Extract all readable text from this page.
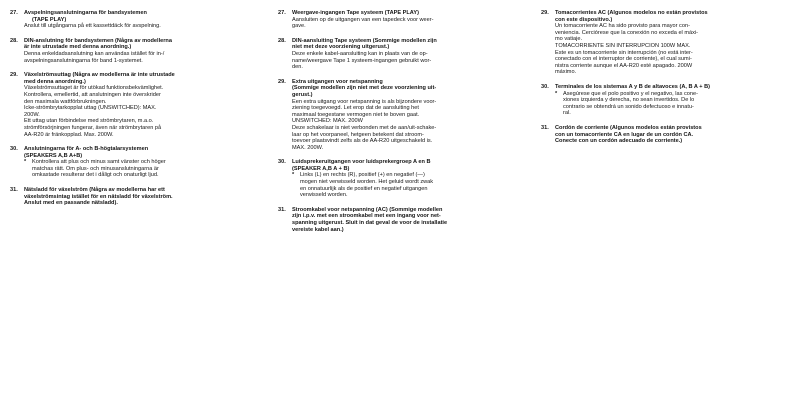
27.	Avspelningsanslutningarna för bandsystemen
(TAPE PLAY)
Anslut till utgångarna på ett kassettdäck för avspelning.
28.	DIN-anslutning för bandsystemen (Några av modellerna
är inte utrustade med denna anordning.)
Denna enkeldadsanslutning kan användas istället för in-/
avspelningsanslutningarna för band 1-systemet.
29.	Växelströmsuttag (Några av modellerna är inte utrustade
med denna anordning.)
Växelströmsuttaget är för utökad funktionsbekvämlighet.
Kontrollera, emellertid, att anslutningen inte överskrider
den maximala wattförbrukningen.
Icke-strömbrytarkopplat uttag (UNSWITCHED): MAX.
200W.
Ett uttag utan förbindelse med strömbrytaren, m.a.o.
strömförsörjningen fungerar, även när strömbrytaren på
AA-R20 är fränkopplad. Max. 200W.
30.	Anslutningarna för A- och B-högtalarsystemen
(SPEAKERS A,B A+B)
*	Kontrollera att plus och minus samt vänster och höger
matchas rätt. Om plus- och minusanslutningarna är
omkastade resulterar det i dåligt och onaturligt ljud.
31.	Nätsladd för växelström (Några av modellerna har ett
växelströmsintag istället för en nätsladd för växelström.
Anslut med en passande nätsladd).
27.	Weergave-ingangen Tape systeem (TAPE PLAY)
Aansluiten op de uitgangen van een tapedeck voor weer-
gave.
28.	DIN-aansluiting Tape systeem (Sommige modellen zijn
niet met deze voorziening uitgerust.)
Deze enkele kabel-aansluiting kan in plaats van de op-
name/weergave Tape 1 systeem-ingangen gebruikt wor-
den.
29.	Extra uitgangen voor netspanning
(Sommige modellen zijn niet met deze voorziening uit-
gerust.)
Een extra uitgang voor netspanning is als bijzondere voor-
ziening toegevoegd. Let erop dat de aansluiting het
maximaal toegestane vermogen niet te boven gaat.
UNSWITCHED: MAX. 200W
Deze schakelaar is niet verbonden met de aan/uit-schake-
laar op het voorpaneel, hetgeen betekent dat stroom-
toevoer plaatsvindt zelfs als de AA-R20 uitgeschakeld is.
MAX. 200W.
30.	Luidsprekeruitgangen voor luidsprekergroep A en B
(SPEAKER A,B A + B)
*	Links (L) en rechts (R), positief (+) en negatief (—)
mogen niet verwisseld worden. Het geluid wordt zwak
en onnatuurlijk als de positief en negatief uitgangen
verwisseld worden.
31.	Stroomkabel voor netspanning (AC) (Sommige modellen
zijn i.p.v. met een stroomkabel met een ingang voor net-
spanning uitgerust. Sluit in dat geval de voor de installatie
vereiste kabel aan.)
29.	Tomacorrientes AC (Algunos modelos no están provistos
con este dispositivo.)
Un tomacorriente AC ha sido provisto para mayor con-
veniencia. Cerciórese que la conexión no exceda el máxi-
mo vatiaje.
TOMACORRIENTE SIN INTERRUPCION 100W MAX.
Este es un tomacorriente sin interrupción (no está inter-
conectado con el interruptor de corriente), el cual sumi-
nistra corriente aunque el AA-R20 esté apagado. 200W
máximo.
30.	Terminales de los sistemas A y B de altavoces (A, B A + B)
*	Asegúrese que el polo positivo y el negativo, las cone-
xiones izquierda y derecha, no sean invertidos. De lo
contrario se obtendrá un sonido defectuoso e innatu-
ral.
31.	Cordón de corriente (Algunos modelos están provistos
con un tomacorriente CA en lugar de un cordón CA.
Conecte con un cordón adecuado de corriente.)
